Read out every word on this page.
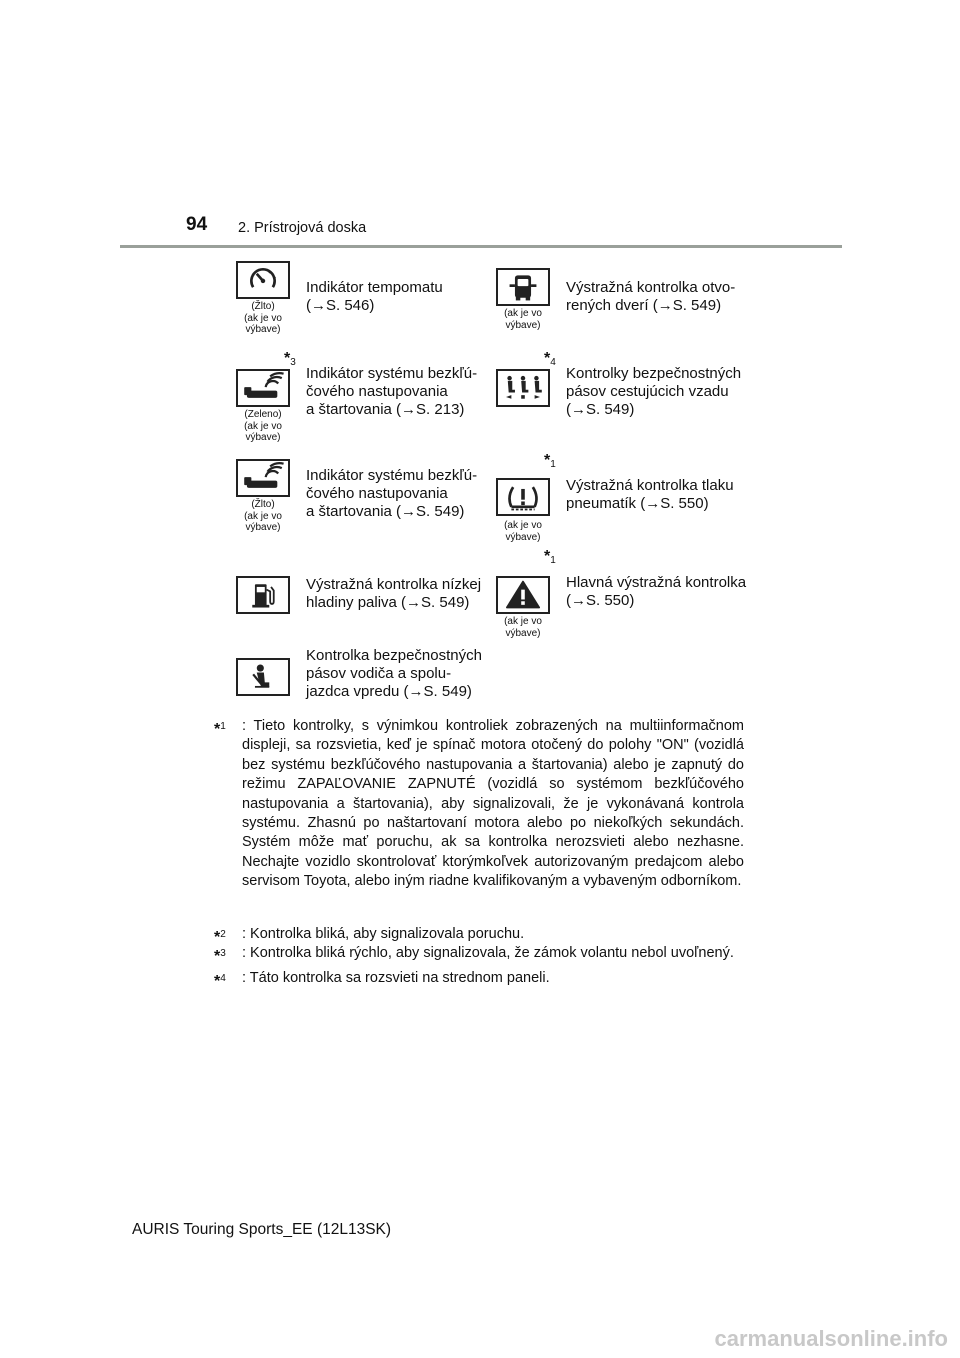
94 2. Prístrojová doska
(Žlto)
(ak je vo
výbave)
Indikátor tempomatu
(→S. 546)
$*_3$
(Zeleno)
(ak je vo
výbave)
Indikátor systému bezkľú-
čového nastupovania
a štartovania (→S. 213)
(Žlto)
(ak je vo
výbave)
Indikátor systému bezkľú-
čového nastupovania
a štartovania (→S. 549)
Výstražná kontrolka nízkej
hladiny paliva (→S. 549)
Kontrolka bezpečnostných
pásov vodiča a spolu-
jazdca vpredu (→S. 549)
(ak je vo
výbave)
Výstražná kontrolka otvo-
rených dverí (→S. 549)
$*_4$
Kontrolky bezpečnostných
pásov cestujúcich vzadu
(→S. 549)
$*_1$
(ak je vo
výbave)
Výstražná kontrolka tlaku
pneumatík (→S. 550)
$*_1$
(ak je vo
výbave)
Hlavná výstražná kontrolka
(→S. 550)
*$^1$ : Tieto kontrolky, s výnimkou kontroliek zobrazených na multiinformačnom displeji, sa rozsvietia, keď je spínač motora otočený do polohy "ON" (vozidlá bez systému bezkľúčového nastupovania a štartovania) alebo je zapnutý do režimu ZAPAĽOVANIE ZAPNUTÉ (vozidlá so systémom bezkľúčového nastupovania a štartovania), aby signalizovali, že je vykonávaná kontrola systému. Zhasnú po naštartovaní motora alebo po niekoľkých sekundách. Systém môže mať poruchu, ak sa kontrolka nerozsvieti alebo nezhasne. Nechajte vozidlo skontrolovať ktorýmkoľvek autorizovaným predajcom alebo servisom Toyota, alebo iným riadne kvalifikovaným a vybaveným odborníkom.
*$^2$ : Kontrolka bliká, aby signalizovala poruchu.
*$^3$ : Kontrolka bliká rýchlo, aby signalizovala, že zámok volantu nebol uvoľnený.
*$^4$ : Táto kontrolka sa rozsvieti na strednom paneli.
AURIS Touring Sports_EE (12L13SK)
carmanualsonline.info
